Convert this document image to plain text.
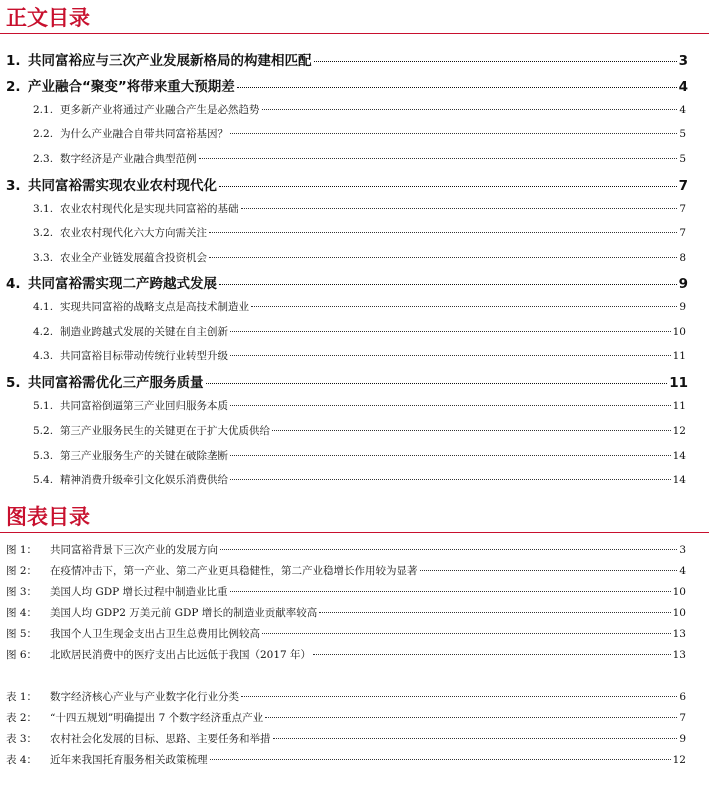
正文目录
1. 共同富裕应与三次产业发展新格局的构建相匹配	3
2. 产业融合“聚变”将带来重大预期差	4
2.1. 更多新产业将通过产业融合产生是必然趋势	4
2.2. 为什么产业融合自带共同富裕基因？	5
2.3. 数字经济是产业融合典型范例	5
3. 共同富裕需实现农业农村现代化	7
3.1. 农业农村现代化是实现共同富裕的基础	7
3.2. 农业农村现代化六大方向需关注	7
3.3. 农业全产业链发展蕴含投资机会	8
4. 共同富裕需实现二产跨越式发展	9
4.1. 实现共同富裕的战略支点是高技术制造业	9
4.2. 制造业跨越式发展的关键在自主创新	10
4.3. 共同富裕目标带动传统行业转型升级	11
5. 共同富裕需优化三产服务质量	11
5.1. 共同富裕倒逼第三产业回归服务本质	11
5.2. 第三产业服务民生的关键更在于扩大优质供给	12
5.3. 第三产业服务生产的关键在破除垄断	14
5.4. 精神消费升级牵引文化娱乐消费供给	14
图表目录
图 1：	共同富裕背景下三次产业的发展方向	3
图 2：	在疫情冲击下，第一产业、第二产业更具稳健性，第二产业稳增长作用较为显著	4
图 3：	美国人均 GDP 增长过程中制造业比重	10
图 4：	美国人均 GDP2 万美元前 GDP 增长的制造业贡献率较高	10
图 5：	我国个人卫生现金支出占卫生总费用比例较高	13
图 6：	北欧居民消费中的医疗支出占比远低于我国（2017 年）	13
表 1：	数字经济核心产业与产业数字化行业分类	6
表 2：	“十四五规划”明确提出 7 个数字经济重点产业	7
表 3：	农村社会化发展的目标、思路、主要任务和举措	9
表 4：	近年来我国托育服务相关政策梳理	12
